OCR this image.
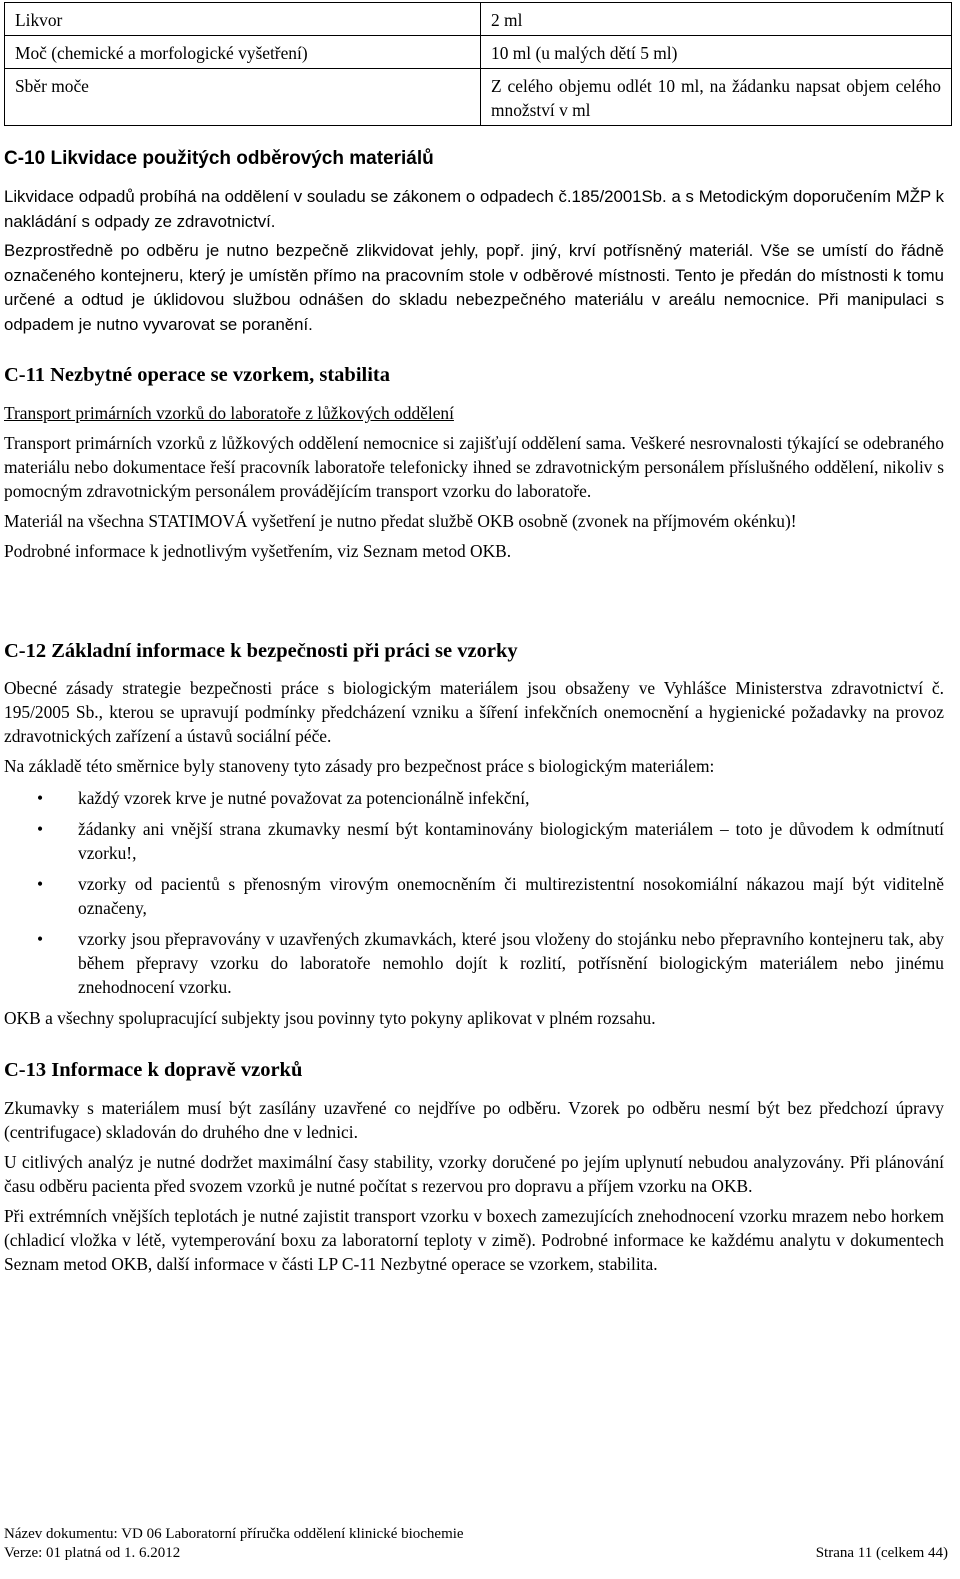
Likvor	2 ml
Moč (chemické a morfologické vyšetření)	10 ml (u malých dětí 5 ml)
Sběr moče	Z celého objemu odlét 10 ml, na žádanku napsat objem celého množství v ml
C-10 Likvidace použitých odběrových materiálů

Likvidace odpadů probíhá na oddělení v souladu se zákonem o odpadech č.185/2001Sb. a s Metodickým doporučením MŽP k nakládání s odpady ze zdravotnictví.

Bezprostředně po odběru je nutno bezpečně zlikvidovat jehly, popř. jiný, krví potřísněný materiál. Vše se umístí do řádně označeného kontejneru, který je umístěn přímo na pracovním stole v odběrové místnosti. Tento je předán do místnosti k tomu určené a odtud je úklidovou službou odnášen do skladu nebezpečného materiálu v areálu nemocnice. Při manipulaci s odpadem je nutno vyvarovat se poranění.

C-11 Nezbytné operace se vzorkem, stabilita

Transport primárních vzorků do laboratoře z lůžkových oddělení

Transport primárních vzorků z lůžkových oddělení nemocnice si zajišťují oddělení sama. Veškeré nesrovnalosti týkající se odebraného materiálu nebo dokumentace řeší pracovník laboratoře telefonicky ihned se zdravotnickým personálem příslušného oddělení, nikoliv s pomocným zdravotnickým personálem provádějícím transport vzorku do laboratoře.

Materiál na všechna STATIMOVÁ vyšetření je nutno předat službě OKB osobně (zvonek na příjmovém okénku)!

Podrobné informace k jednotlivým vyšetřením, viz Seznam metod OKB.

C-12 Základní informace k bezpečnosti při práci se vzorky

Obecné zásady strategie bezpečnosti práce s biologickým materiálem jsou obsaženy ve Vyhlášce Ministerstva zdravotnictví č. 195/2005 Sb., kterou se upravují podmínky předcházení vzniku a šíření infekčních onemocnění a hygienické požadavky na provoz zdravotnických zařízení a ústavů sociální péče.

Na základě této směrnice byly stanoveny tyto zásady pro bezpečnost práce s biologickým materiálem:

• každý vzorek krve je nutné považovat za potencionálně infekční,
• žádanky ani vnější strana zkumavky nesmí být kontaminovány biologickým materiálem – toto je důvodem k odmítnutí vzorku!,
• vzorky od pacientů s přenosným virovým onemocněním či multirezistentní nosokomiální nákazou mají být viditelně označeny,
• vzorky jsou přepravovány v uzavřených zkumavkách, které jsou vloženy do stojánku nebo přepravního kontejneru tak, aby během přepravy vzorku do laboratoře nemohlo dojít k rozlití, potřísnění biologickým materiálem nebo jinému znehodnocení vzorku.

OKB a všechny spolupracující subjekty jsou povinny tyto pokyny aplikovat v plném rozsahu.

C-13 Informace k dopravě vzorků

Zkumavky s materiálem musí být zasílány uzavřené co nejdříve po odběru. Vzorek po odběru nesmí být bez předchozí úpravy (centrifugace) skladován do druhého dne v lednici.

U citlivých analýz je nutné dodržet maximální časy stability, vzorky doručené po jejím uplynutí nebudou analyzovány. Při plánování času odběru pacienta před svozem vzorků je nutné počítat s rezervou pro dopravu a příjem vzorku na OKB.

Při extrémních vnějších teplotách je nutné zajistit transport vzorku v boxech zamezujících znehodnocení vzorku mrazem nebo horkem (chladicí vložka v létě, vytemperování boxu za laboratorní teploty v zimě). Podrobné informace ke každému analytu v dokumentech Seznam metod OKB, další informace v části LP C-11 Nezbytné operace se vzorkem, stabilita.

Název dokumentu: VD 06 Laboratorní příručka oddělení klinické biochemie
Verze: 01 platná od 1. 6.2012	Strana 11 (celkem 44)
